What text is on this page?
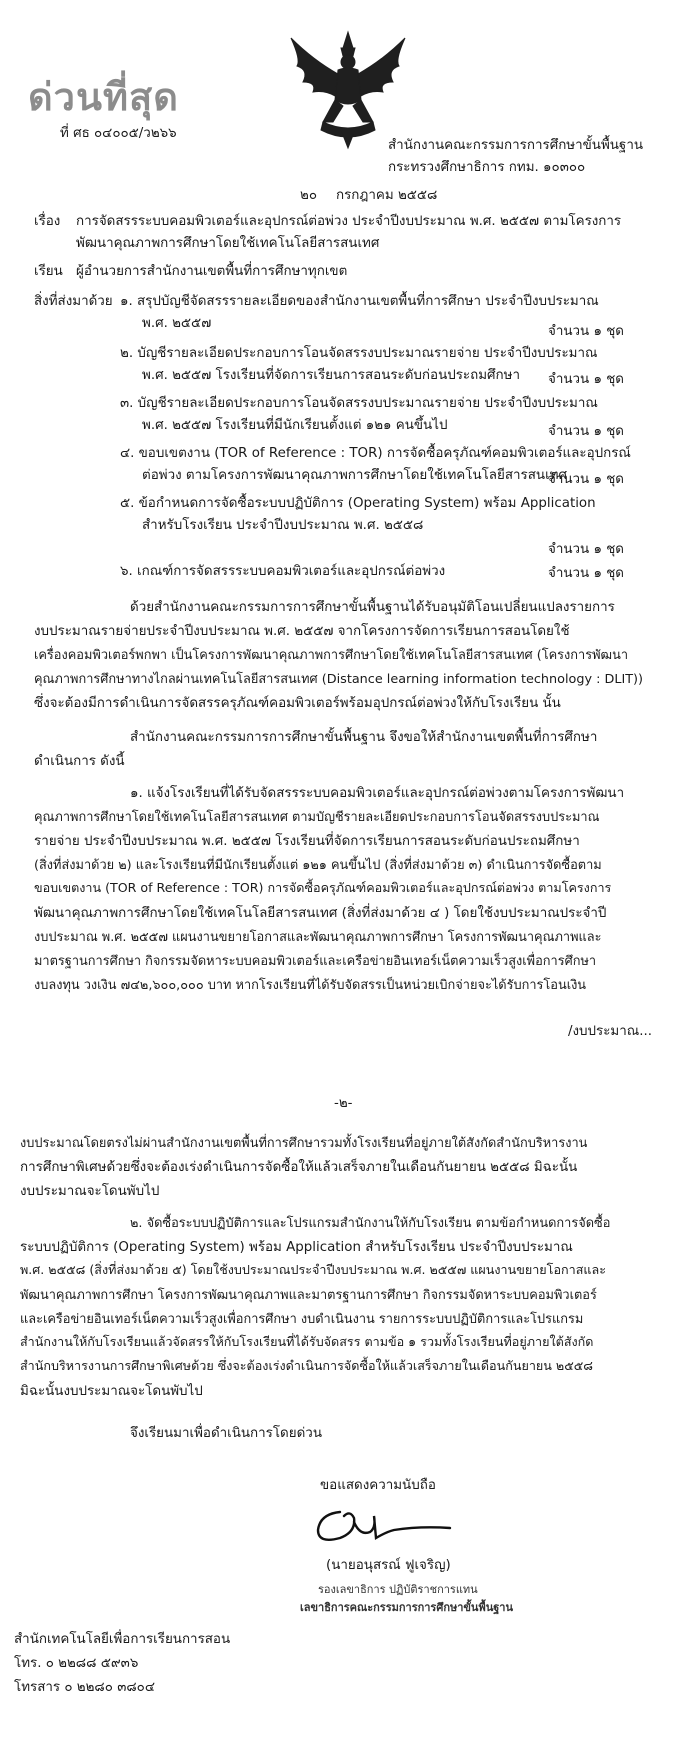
ด่วนที่สุด
ที่ ศธ ๐๔๐๐๕/ว๒๖๖
สำนักงานคณะกรรมการการศึกษาขั้นพื้นฐาน
กระทรวงศึกษาธิการ กทม. ๑๐๓๐๐
๒๐ กรกฎาคม ๒๕๕๘
เรื่อง การจัดสรรระบบคอมพิวเตอร์และอุปกรณ์ต่อพ่วง ประจำปีงบประมาณ พ.ศ. ๒๕๕๗ ตามโครงการ
พัฒนาคุณภาพการศึกษาโดยใช้เทคโนโลยีสารสนเทศ
เรียน ผู้อำนวยการสำนักงานเขตพื้นที่การศึกษาทุกเขต
สิ่งที่ส่งมาด้วย ๑. สรุปบัญชีจัดสรรรายละเอียดของสำนักงานเขตพื้นที่การศึกษา ประจำปีงบประมาณ
พ.ศ. ๒๕๕๗
จำนวน ๑ ชุด
๒. บัญชีรายละเอียดประกอบการโอนจัดสรรงบประมาณรายจ่าย ประจำปีงบประมาณ
พ.ศ. ๒๕๕๗ โรงเรียนที่จัดการเรียนการสอนระดับก่อนประถมศึกษา จำนวน ๑ ชุด
๓. บัญชีรายละเอียดประกอบการโอนจัดสรรงบประมาณรายจ่าย ประจำปีงบประมาณ
พ.ศ. ๒๕๕๗ โรงเรียนที่มีนักเรียนตั้งแต่ ๑๒๑ คนขึ้นไป	จำนวน ๑ ชุด
๔. ขอบเขตงาน (TOR of Reference : TOR) การจัดซื้อครุภัณฑ์คอมพิวเตอร์และอุปกรณ์
ต่อพ่วง ตามโครงการพัฒนาคุณภาพการศึกษาโดยใช้เทคโนโลยีสารสนเทศ
จำนวน ๑ ชุด
๕. ข้อกำหนดการจัดซื้อระบบปฏิบัติการ (Operating System) พร้อม Application
สำหรับโรงเรียน ประจำปีงบประมาณ พ.ศ. ๒๕๕๘
จำนวน ๑ ชุด
๖. เกณฑ์การจัดสรรระบบคอมพิวเตอร์และอุปกรณ์ต่อพ่วง	จำนวน ๑ ชุด
ด้วยสำนักงานคณะกรรมการการศึกษาขั้นพื้นฐานได้รับอนุมัติโอนเปลี่ยนแปลงรายการ
งบประมาณรายจ่ายประจำปีงบประมาณ พ.ศ. ๒๕๕๗ จากโครงการจัดการเรียนการสอนโดยใช้
เครื่องคอมพิวเตอร์พกพา เป็นโครงการพัฒนาคุณภาพการศึกษาโดยใช้เทคโนโลยีสารสนเทศ (โครงการพัฒนา
คุณภาพการศึกษาทางไกลผ่านเทคโนโลยีสารสนเทศ (Distance learning information technology : DLIT))
ซึ่งจะต้องมีการดำเนินการจัดสรรครุภัณฑ์คอมพิวเตอร์พร้อมอุปกรณ์ต่อพ่วงให้กับโรงเรียน นั้น
สำนักงานคณะกรรมการการศึกษาขั้นพื้นฐาน จึงขอให้สำนักงานเขตพื้นที่การศึกษา
ดำเนินการ ดังนี้
๑. แจ้งโรงเรียนที่ได้รับจัดสรรระบบคอมพิวเตอร์และอุปกรณ์ต่อพ่วงตามโครงการพัฒนา
คุณภาพการศึกษาโดยใช้เทคโนโลยีสารสนเทศ ตามบัญชีรายละเอียดประกอบการโอนจัดสรรงบประมาณ
รายจ่าย ประจำปีงบประมาณ พ.ศ. ๒๕๕๗ โรงเรียนที่จัดการเรียนการสอนระดับก่อนประถมศึกษา
(สิ่งที่ส่งมาด้วย ๒) และโรงเรียนที่มีนักเรียนตั้งแต่ ๑๒๑ คนขึ้นไป (สิ่งที่ส่งมาด้วย ๓) ดำเนินการจัดซื้อตาม
ขอบเขตงาน (TOR of Reference : TOR) การจัดซื้อครุภัณฑ์คอมพิวเตอร์และอุปกรณ์ต่อพ่วง ตามโครงการ
พัฒนาคุณภาพการศึกษาโดยใช้เทคโนโลยีสารสนเทศ (สิ่งที่ส่งมาด้วย ๔ ) โดยใช้งบประมาณประจำปี
งบประมาณ พ.ศ. ๒๕๕๗ แผนงานขยายโอกาสและพัฒนาคุณภาพการศึกษา โครงการพัฒนาคุณภาพและ
มาตรฐานการศึกษา กิจกรรมจัดหาระบบคอมพิวเตอร์และเครือข่ายอินเทอร์เน็ตความเร็วสูงเพื่อการศึกษา
งบลงทุน วงเงิน ๗๔๒,๖๐๐,๐๐๐ บาท หากโรงเรียนที่ได้รับจัดสรรเป็นหน่วยเบิกจ่ายจะได้รับการโอนเงิน
/งบประมาณ...
-๒-
งบประมาณโดยตรงไม่ผ่านสำนักงานเขตพื้นที่การศึกษารวมทั้งโรงเรียนที่อยู่ภายใต้สังกัดสำนักบริหารงาน
การศึกษาพิเศษด้วยซึ่งจะต้องเร่งดำเนินการจัดซื้อให้แล้วเสร็จภายในเดือนกันยายน ๒๕๕๘ มิฉะนั้น
งบประมาณจะโดนพับไป
๒. จัดซื้อระบบปฏิบัติการและโปรแกรมสำนักงานให้กับโรงเรียน ตามข้อกำหนดการจัดซื้อ
ระบบปฏิบัติการ (Operating System) พร้อม Application สำหรับโรงเรียน ประจำปีงบประมาณ
พ.ศ. ๒๕๕๘ (สิ่งที่ส่งมาด้วย ๕) โดยใช้งบประมาณประจำปีงบประมาณ พ.ศ. ๒๕๕๗ แผนงานขยายโอกาสและ
พัฒนาคุณภาพการศึกษา โครงการพัฒนาคุณภาพและมาตรฐานการศึกษา กิจกรรมจัดหาระบบคอมพิวเตอร์
และเครือข่ายอินเทอร์เน็ตความเร็วสูงเพื่อการศึกษา งบดำเนินงาน รายการระบบปฏิบัติการและโปรแกรม
สำนักงานให้กับโรงเรียนแล้วจัดสรรให้กับโรงเรียนที่ได้รับจัดสรร ตามข้อ ๑ รวมทั้งโรงเรียนที่อยู่ภายใต้สังกัด
สำนักบริหารงานการศึกษาพิเศษด้วย ซึ่งจะต้องเร่งดำเนินการจัดซื้อให้แล้วเสร็จภายในเดือนกันยายน ๒๕๕๘
มิฉะนั้นงบประมาณจะโดนพับไป
จึงเรียนมาเพื่อดำเนินการโดยด่วน
ขอแสดงความนับถือ
(นายอนุสรณ์ ฟูเจริญ)
รองเลขาธิการ ปฏิบัติราชการแทน
เลขาธิการคณะกรรมการการศึกษาขั้นพื้นฐาน
สำนักเทคโนโลยีเพื่อการเรียนการสอน
โทร. ๐ ๒๒๘๘ ๕๙๓๖
โทรสาร ๐ ๒๒๘๐ ๓๘๐๔
